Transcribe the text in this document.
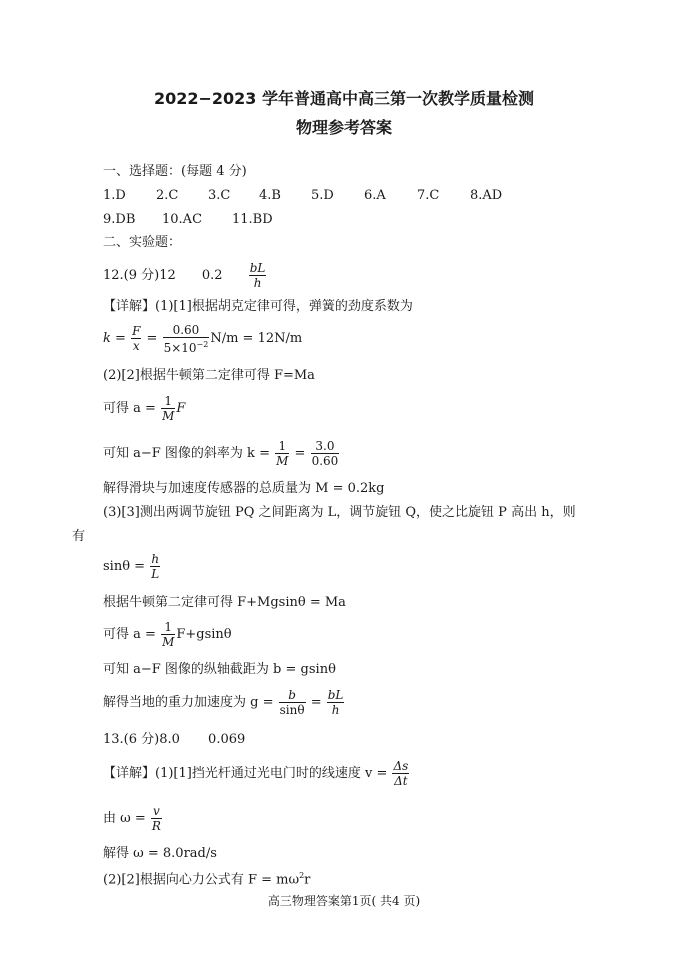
2022−2023 学年普通高中高三第一次教学质量检测
物理参考答案
一、选择题：(每题 4 分)
1.D 2.C 3.C 4.B 5.D 6.A 7.C 8.AD
9.DB 10.AC 11.BD
二、实验题：
12.(9 分)12 $0.2 \frac{bL}{h}$
【详解】(1)[1]根据胡克定律可得，弹簧的劲度系数为
$k = \frac{F}{x} = \frac{0.60}{5\times 10^{-2}} N/m = 12N/m$
(2)[2]根据牛顿第二定律可得 F=Ma
可得 $a = \frac{1}{M}$ F
可知 a−F 图像的斜率为 $k = \frac{1}{M} = \frac{3.0}{0.60}$
解得滑块与加速度传感器的总质量为 M = 0.2kg
(3)[3]测出两调节旋钮 PQ 之间距离为 L，调节旋钮 Q，使之比旋钮 P 高出 h，则
有
$\sin\theta = \frac{h}{L}$
根据牛顿第二定律可得 F+Mgsinθ = Ma
可得 $a = \frac{1}{M} F+gsin\theta$
可知 a−F 图像的纵轴截距为 b = gsinθ
解得当地的重力加速度为 $g = \frac{b}{\sin\theta} = \frac{bL}{h}$
13.(6 分)8.0 0.069
【详解】(1)[1]挡光杆通过光电门时的线速度 $v = \frac{\Delta s}{\Delta t}$
由 $\omega = \frac{v}{R}$
解得 ω = 8.0rad/s
(2)[2]根据向心力公式有 $F = m\omega^2r$
高三物理答案第1页( 共4 页)
